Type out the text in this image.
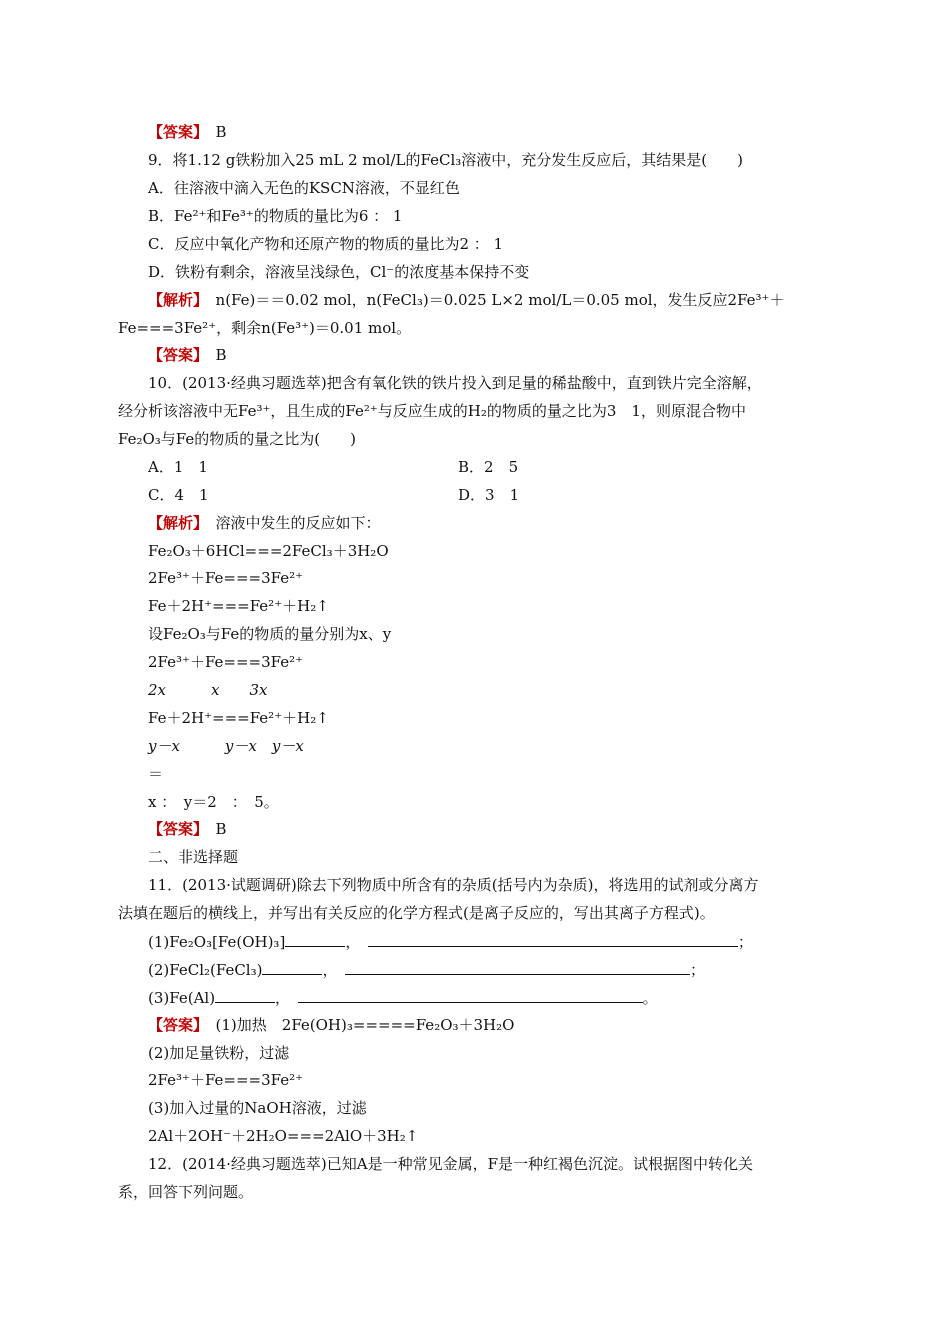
【答案】　 B
9．将1.12 g铁粉加入25 mL 2 mol/L的FeCl₃溶液中，充分发生反应后，其结果是(　　)
A．往溶液中滴入无色的KSCN溶液，不显红色
B．Fe²⁺和Fe³⁺的物质的量比为6 ： 1
C．反应中氧化产物和还原产物的物质的量比为2 ： 1
D．铁粉有剩余，溶液呈浅绿色，Cl⁻的浓度基本保持不变
【解析】　 n(Fe)＝＝0.02 mol，n(FeCl₃)＝0.025 L×2 mol/L＝0.05 mol，发生反应2Fe³⁺＋
Fe===3Fe²⁺，剩余n(Fe³⁺)＝0.01 mol。
【答案】　 B
10．(2013·经典习题选萃)把含有氧化铁的铁片投入到足量的稀盐酸中，直到铁片完全溶解，
经分析该溶液中无Fe³⁺，且生成的Fe²⁺与反应生成的H₂的物质的量之比为3　1，则原混合物中
Fe₂O₃与Fe的物质的量之比为(　　)
A．1　1	B．2　5
C．4　1	D．3　1
【解析】　 溶液中发生的反应如下：
Fe₂O₃＋6HCl===2FeCl₃＋3H₂O
2Fe³⁺＋Fe===3Fe²⁺
Fe＋2H⁺===Fe²⁺＋H₂↑
设Fe₂O₃与Fe的物质的量分别为x、y
2Fe³⁺＋Fe===3Fe²⁺
2x　　　x　　3x
Fe＋2H⁺===Fe²⁺＋H₂↑
y－x　　　y－x　y－x
＝
x ：　y＝2　：　5。
【答案】　 B
二、非选择题
11．(2013·试题调研)除去下列物质中所含有的杂质(括号内为杂质)，将选用的试剂或分离方
法填在题后的横线上，并写出有关反应的化学方程式(是离子反应的，写出其离子方程式)。
(1)Fe₂O₃[Fe(OH)₃]	，　	；
(2)FeCl₂(FeCl₃)	，　	；
(3)Fe(Al)	，　	。
【答案】　 (1)加热　2Fe(OH)₃=====Fe₂O₃＋3H₂O
(2)加足量铁粉，过滤
2Fe³⁺＋Fe===3Fe²⁺
(3)加入过量的NaOH溶液，过滤
2Al＋2OH⁻＋2H₂O===2AlO＋3H₂↑
12．(2014·经典习题选萃)已知A是一种常见金属，F是一种红褐色沉淀。试根据图中转化关
系，回答下列问题。
